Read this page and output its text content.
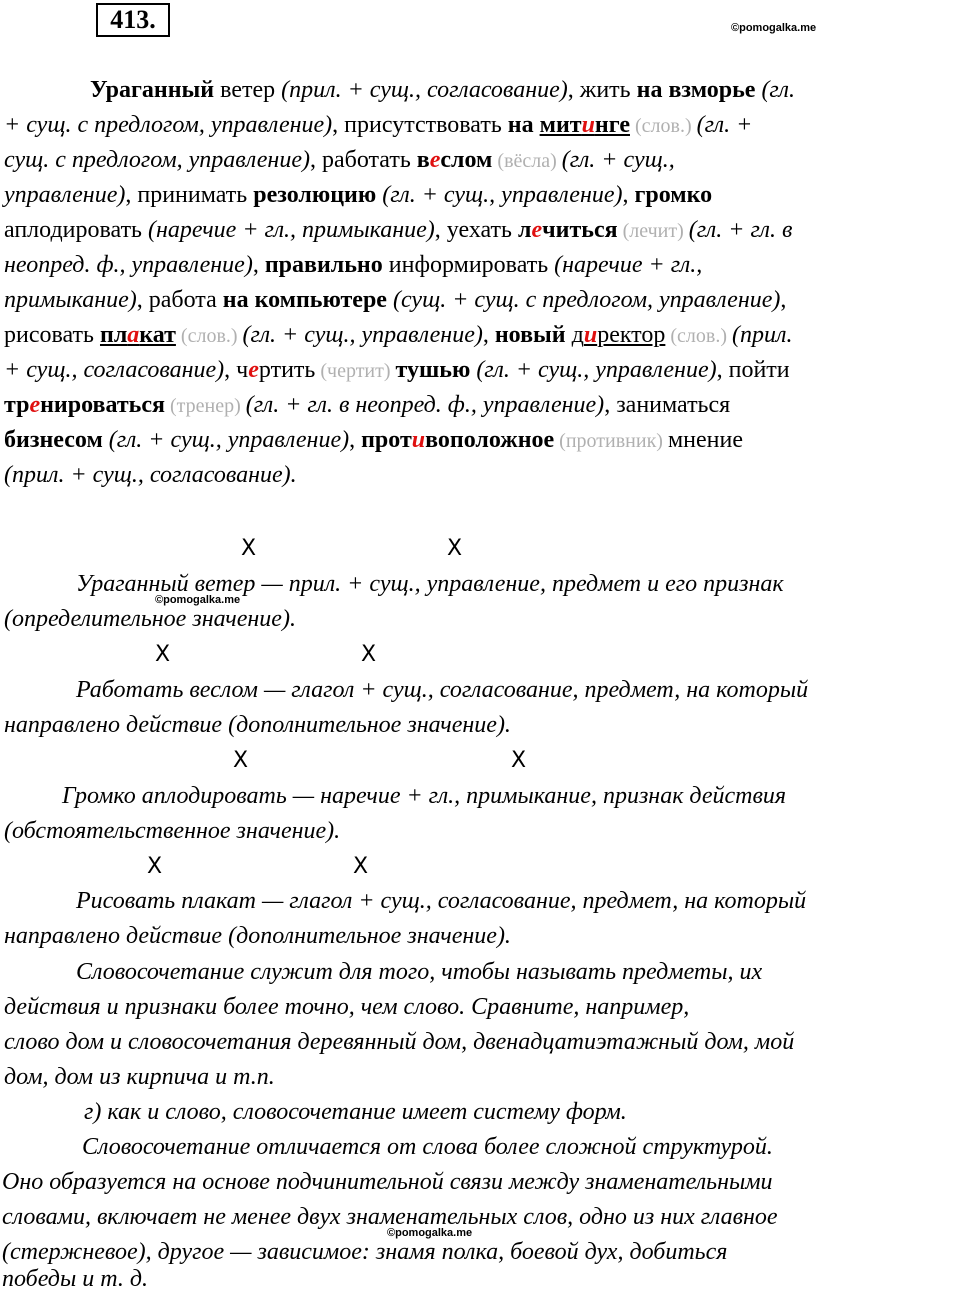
413.	©pomogalka.me
Ураганный ветер (прил. + сущ., согласование), жить на взморье (гл.
+ сущ. с предлогом, управление), присутствовать на митинге (слов.) (гл. +
сущ. с предлогом, управление), работать веслом (вёсла) (гл. + сущ.,
управление), принимать резолюцию (гл. + сущ., управление), громко
аплодировать (наречие + гл., примыкание), уехать лечиться (лечит) (гл. + гл. в
неопред. ф., управление), правильно информировать (наречие + гл.,
примыкание), работа на компьютере (сущ. + сущ. с предлогом, управление),
рисовать плакат (слов.) (гл. + сущ., управление), новый директор (слов.) (прил.
+ сущ., согласование), чертить (чертит) тушью (гл. + сущ., управление), пойти
тренироваться (тренер) (гл. + гл. в неопред. ф., управление), заниматься
бизнесом (гл. + сущ., управление), противоположное (противник) мнение
(прил. + сущ., согласование).
X	X
Ураганный ветер — прил. + сущ., управление, предмет и его признак
©pomogalka.me
(определительное значение).
X	X
Работать веслом — глагол + сущ., согласование, предмет, на который
направлено действие (дополнительное значение).
X	X
Громко аплодировать — наречие + гл., примыкание, признак действия
(обстоятельственное значение).
X	X
Рисовать плакат — глагол + сущ., согласование, предмет, на который
направлено действие (дополнительное значение).
Словосочетание служит для того, чтобы называть предметы, их
действия и признаки более точно, чем слово. Сравните, например,
слово дом и словосочетания деревянный дом, двенадцатиэтажный дом, мой
дом, дом из кирпича и т.п.
г) как и слово, словосочетание имеет систему форм.
Словосочетание отличается от слова более сложной структурой.
Оно образуется на основе подчинительной связи между знаменательными
словами, включает не менее двух знаменательных слов, одно из них главное
©pomogalka.me
(стержневое), другое — зависимое: знамя полка, боевой дух, добиться
победы и т. д.
